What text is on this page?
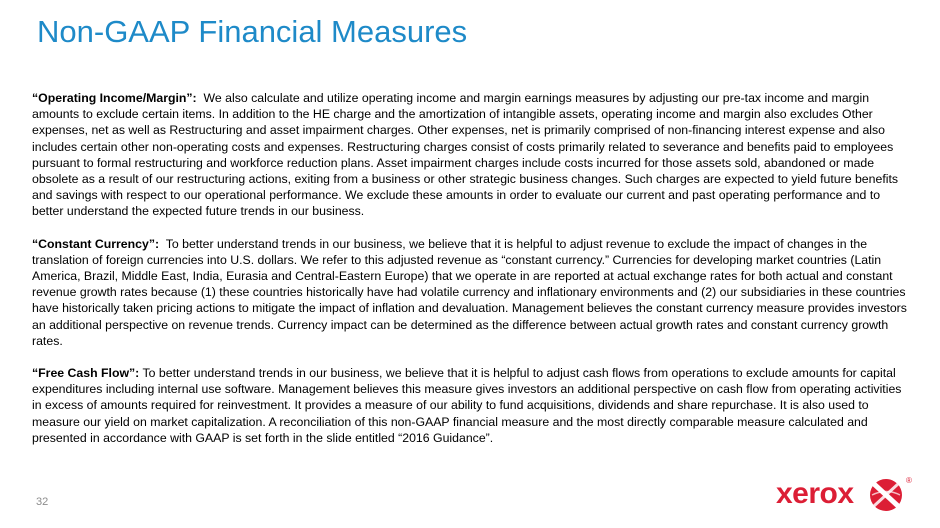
Non-GAAP Financial Measures

“Operating Income/Margin”: We also calculate and utilize operating income and margin earnings measures by adjusting our pre-tax income and margin amounts to exclude certain items. In addition to the HE charge and the amortization of intangible assets, operating income and margin also excludes Other expenses, net as well as Restructuring and asset impairment charges. Other expenses, net is primarily comprised of non-financing interest expense and also includes certain other non-operating costs and expenses. Restructuring charges consist of costs primarily related to severance and benefits paid to employees pursuant to formal restructuring and workforce reduction plans. Asset impairment charges include costs incurred for those assets sold, abandoned or made obsolete as a result of our restructuring actions, exiting from a business or other strategic business changes. Such charges are expected to yield future benefits and savings with respect to our operational performance. We exclude these amounts in order to evaluate our current and past operating performance and to better understand the expected future trends in our business.

“Constant Currency”: To better understand trends in our business, we believe that it is helpful to adjust revenue to exclude the impact of changes in the translation of foreign currencies into U.S. dollars. We refer to this adjusted revenue as “constant currency.” Currencies for developing market countries (Latin America, Brazil, Middle East, India, Eurasia and Central-Eastern Europe) that we operate in are reported at actual exchange rates for both actual and constant revenue growth rates because (1) these countries historically have had volatile currency and inflationary environments and (2) our subsidiaries in these countries have historically taken pricing actions to mitigate the impact of inflation and devaluation. Management believes the constant currency measure provides investors an additional perspective on revenue trends. Currency impact can be determined as the difference between actual growth rates and constant currency growth rates.

“Free Cash Flow”: To better understand trends in our business, we believe that it is helpful to adjust cash flows from operations to exclude amounts for capital expenditures including internal use software. Management believes this measure gives investors an additional perspective on cash flow from operating activities in excess of amounts required for reinvestment. It provides a measure of our ability to fund acquisitions, dividends and share repurchase. It is also used to measure our yield on market capitalization. A reconciliation of this non-GAAP financial measure and the most directly comparable measure calculated and presented in accordance with GAAP is set forth in the slide entitled “2016 Guidance”.

32	xerox	®
